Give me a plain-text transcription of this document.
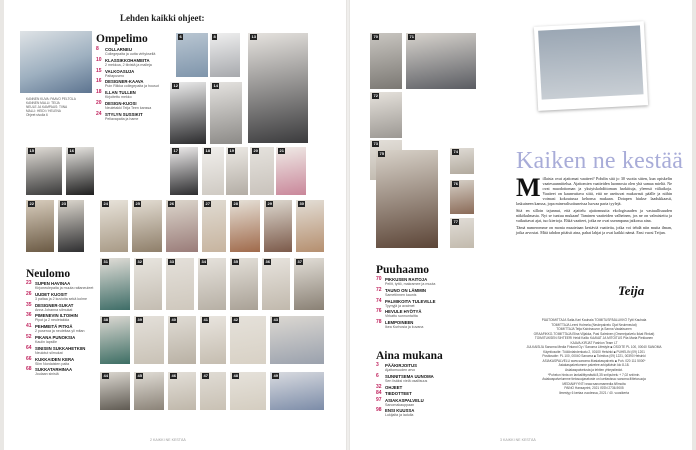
Lehden kaikki ohjeet:
KANNEN KUVA: PAAVO PELTOLA
KANNEN MALLI: TEIJA
NEULE JA KAMPAUS: TIINA
MALLI: HEIDI / HELENA
Ohjeet sivulla 6
Ompelimo
8 COLLARNEU
Collegepaita ja uutta virityksellä
10 KLASSIKKOHAMEITA
2 mekkoa, 2 tiivistä ja malleja
15 VALKOASUJA
Paitapusero
16 DESIGNER-KAAVA
Puin Riikka collegepaita ja housut
18 ILLAN TULLEN
Kirjoitettu mekko
20 DESIGN-KUOSI
Neuletakki Teija Teen kanssa
24 STYLYN SUSSIKIT
Pellavapaita ja hame
Neulomo
23 SUPEN HAVINAA
Kirjoneulepaita ja muuta raitaneuleet
26 UUDET KUOSIT
3 paitaa ja 2 kuvioita sekä kolme
35 DESIGNER-SUKAT
Anna Johanna silmukat
36 PIMENEVIN ILTOIHIN
Pipot ja 2 neuletakkia
41 PEHMEITÄ PITKIÄ
2 puseroa ja neuleitaa yli mitan
52 PIKANA PUNOKSIA
Kaulin lapsille
64 SINISIIN SUKKAHETKIIN
Neulotut silmukat
66 KUKKAIDEN KERA
Slim Nordaisten paita
68 SUKKATARHINAA
Joulaan sinisiä
6	8	13
12	14
15	16	17	18	19	20	21
22	23	24	25	26	27	28	29	30
31	32	33	34	35	36	37
38	39	40	41	42	43
44	45	46	47	48	49
2 KAIKKI NE KESTÄÄ
70	71
72
73
74
75
76
77
Puuhaamo
70 PIKKUSEN RAITOJA
Pellit, tyttö, makramee ja muuta
72 TAUNO ON LÄMMIN
Sametiinnen kaunis
74 PALMIKOITA TULEVILLE
Tyynyjä ja avaimet
76 HEVULE HYÖTYÄ
Virkattu sunnuntaitta
78 LEMPOINEEN
Ikea Kurhosia ja kuvana
Aina mukana
3 PÄÄKIRJOITUS
Ajattomuuden arvo
6 SUNNITSEMA UUNOMA
Sen lisäksi vielä osallisuus
32 OHJEET
84 TIEDOTTEET
97 ASIAKASPALVELU
Sanomakauppaan
98 ENSI KUUSSA
Lukijalta ja ladulla
3 KAIKKI NE KESTÄÄ
Kaiken ne kestää
M illaista ovat ajattomat vaatteet? Pohdin sitä jo 30 vuotta sitten, kun opiskelin vaatesuunnittelua. Ajattomien vaatteiden luonnosta olen yhä samaa mieltä. Ne ovat muodottoman ja ykstyiskohdittoman harkittuja, yleensä väliaikoja. Vaatteet on kauneuttava siitä, että ne asettuvat mukavasti päälle ja niihin voimasi kokoutussa kehonsa mukaan. Dotapen hiukse laadukkaasti, laskuineen kanssa, jopa mineralisoituneissa luovaa paria tyylejä.

Sitä en silloin tajunnut, että ajattelu ajattomuutta ekologisuuden ja vastuullisuuden näkökulmasta. Nyt se tuntuu mukaan! Taminen vaatteiden valheinen, jos ne on valmistettu ja vaikuttavat ajat, tuo kiertoja. Ehkä vaatteet, jotka ne ovat useampana jatkossa aina.

Tämä numeromme on monia muutetaan kestäviä vaatteita, jotka voi tehdä niin mutta ilman, jotka arvostat. Mitä tahdon pitäisit aina, pahat lahjat ja ovat kaikki nämä. Ensi vuosi Teijan.

Teija
PÄÄTOIMITTAJA Saila-Kari Kauhala TOIMITUSPÄÄLLIKKÖ Tytti Kauhala
TOIMITTAJA Leeni Holmela (Neulepalvelu Ojat Neuleneulat)
TOIMITTAJA Teija Kaivinauvon ja Sanna Vaalaisunen
GRAAFIKKO-TOIMITTAJA Elina Viljakka, Pasi Salminen (Ommelpalvelu Ikkat Rinkat)
TOIMITUKSEN SIHTEERI Heidi Kallio KAAVAT JA MITOITUS Piia Maria Piekkanen
KAAVA-KIRJAT Fashion Team LT
JULKAISIJA Sanoma Media Finland Oy / Sanoma Lifestyle ■ OSOITE PL 100, 00040 SANOMA
Käyntiosoite: Töölönlahdenkatu 2, 00100 Helsinki ■ PUHELIN (09) 1201
Postiosoite: PL 100, 00040 Sanoma ■ Toimitus (09) 1221, 00390 Helsinki
ASIAKASPALVELU www.sanoma.fi/asiakaspalvelu ■ Puh. 020 111 5000*
Asiakaspalvelumme palvelee arkipäivisin klo 8-18.
Asiakaspalvelusta ja lehtien yhteystiedot.
*Puhelun hinta on lankaliittymästä 8,35 snt/puhelu + 7,02 snt/min.
Asiakaspalvelumme tietosuojaseloste on luettavissa: sanoma.fi/tietosuoja
MEDIAMYYNTI www.sanomamedia.fi/ilmoita
PAINO Hansaprint, 2021 ISSN 2736-9005
Ilmestyy 6 kertaa vuodessa, 2021 / 40. vuosikerta
